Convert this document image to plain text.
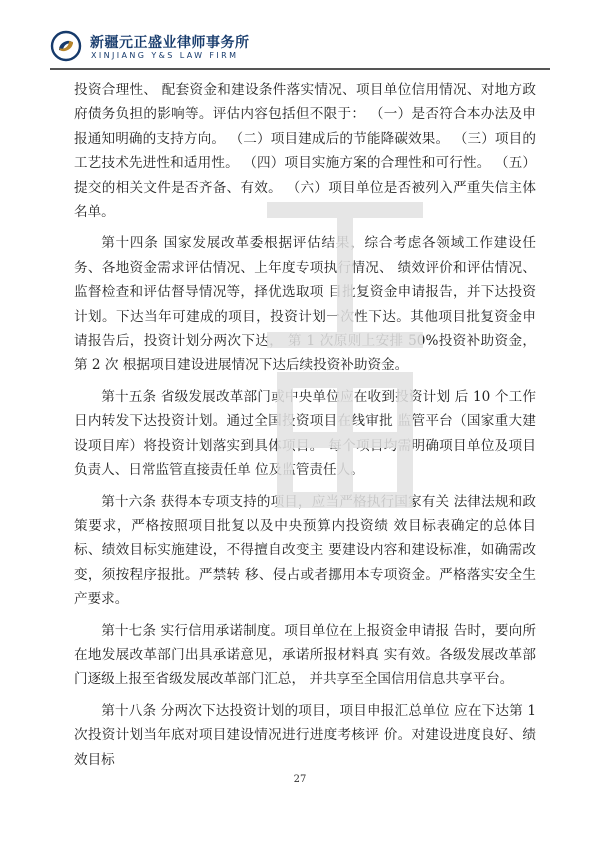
新疆元正盛业律师事务所
XINJIANG Y&S LAW FIRM

投资合理性、 配套资金和建设条件落实情况、项目单位信用情况、对地方政府债务负担的影响等。评估内容包括但不限于： （一）是否符合本办法及申报通知明确的支持方向。 （二）项目建成后的节能降碳效果。 （三）项目的工艺技术先进性和适用性。 （四）项目实施方案的合理性和可行性。 （五）提交的相关文件是否齐备、有效。 （六）项目单位是否被列入严重失信主体名单。

第十四条 国家发展改革委根据评估结果，综合考虑各领域工作建设任务、各地资金需求评估情况、上年度专项执行情况、 绩效评价和评估情况、监督检查和评估督导情况等，择优选取项 目批复资金申请报告，并下达投资计划。下达当年可建成的项目，投资计划一次性下达。其他项目批复资金申请报告后，投资计划分两次下达， 第 1 次原则上安排 50%投资补助资金， 第 2 次 根据项目建设进展情况下达后续投资补助资金。

第十五条 省级发展改革部门或中央单位应在收到投资计划 后 10 个工作日内转发下达投资计划。通过全国投资项目在线审批 监管平台（国家重大建设项目库）将投资计划落实到具体项目。 每个项目均需明确项目单位及项目负责人、日常监管直接责任单 位及监管责任人。

第十六条 获得本专项支持的项目，应当严格执行国家有关 法律法规和政策要求，严格按照项目批复以及中央预算内投资绩 效目标表确定的总体目标、绩效目标实施建设，不得擅自改变主 要建设内容和建设标准，如确需改变，须按程序报批。严禁转 移、侵占或者挪用本专项资金。严格落实安全生产要求。

第十七条 实行信用承诺制度。项目单位在上报资金申请报 告时，要向所在地发展改革部门出具承诺意见，承诺所报材料真 实有效。各级发展改革部门逐级上报至省级发展改革部门汇总， 并共享至全国信用信息共享平台。

第十八条 分两次下达投资计划的项目，项目申报汇总单位 应在下达第 1 次投资计划当年底对项目建设情况进行进度考核评 价。对建设进度良好、绩效目标

27
